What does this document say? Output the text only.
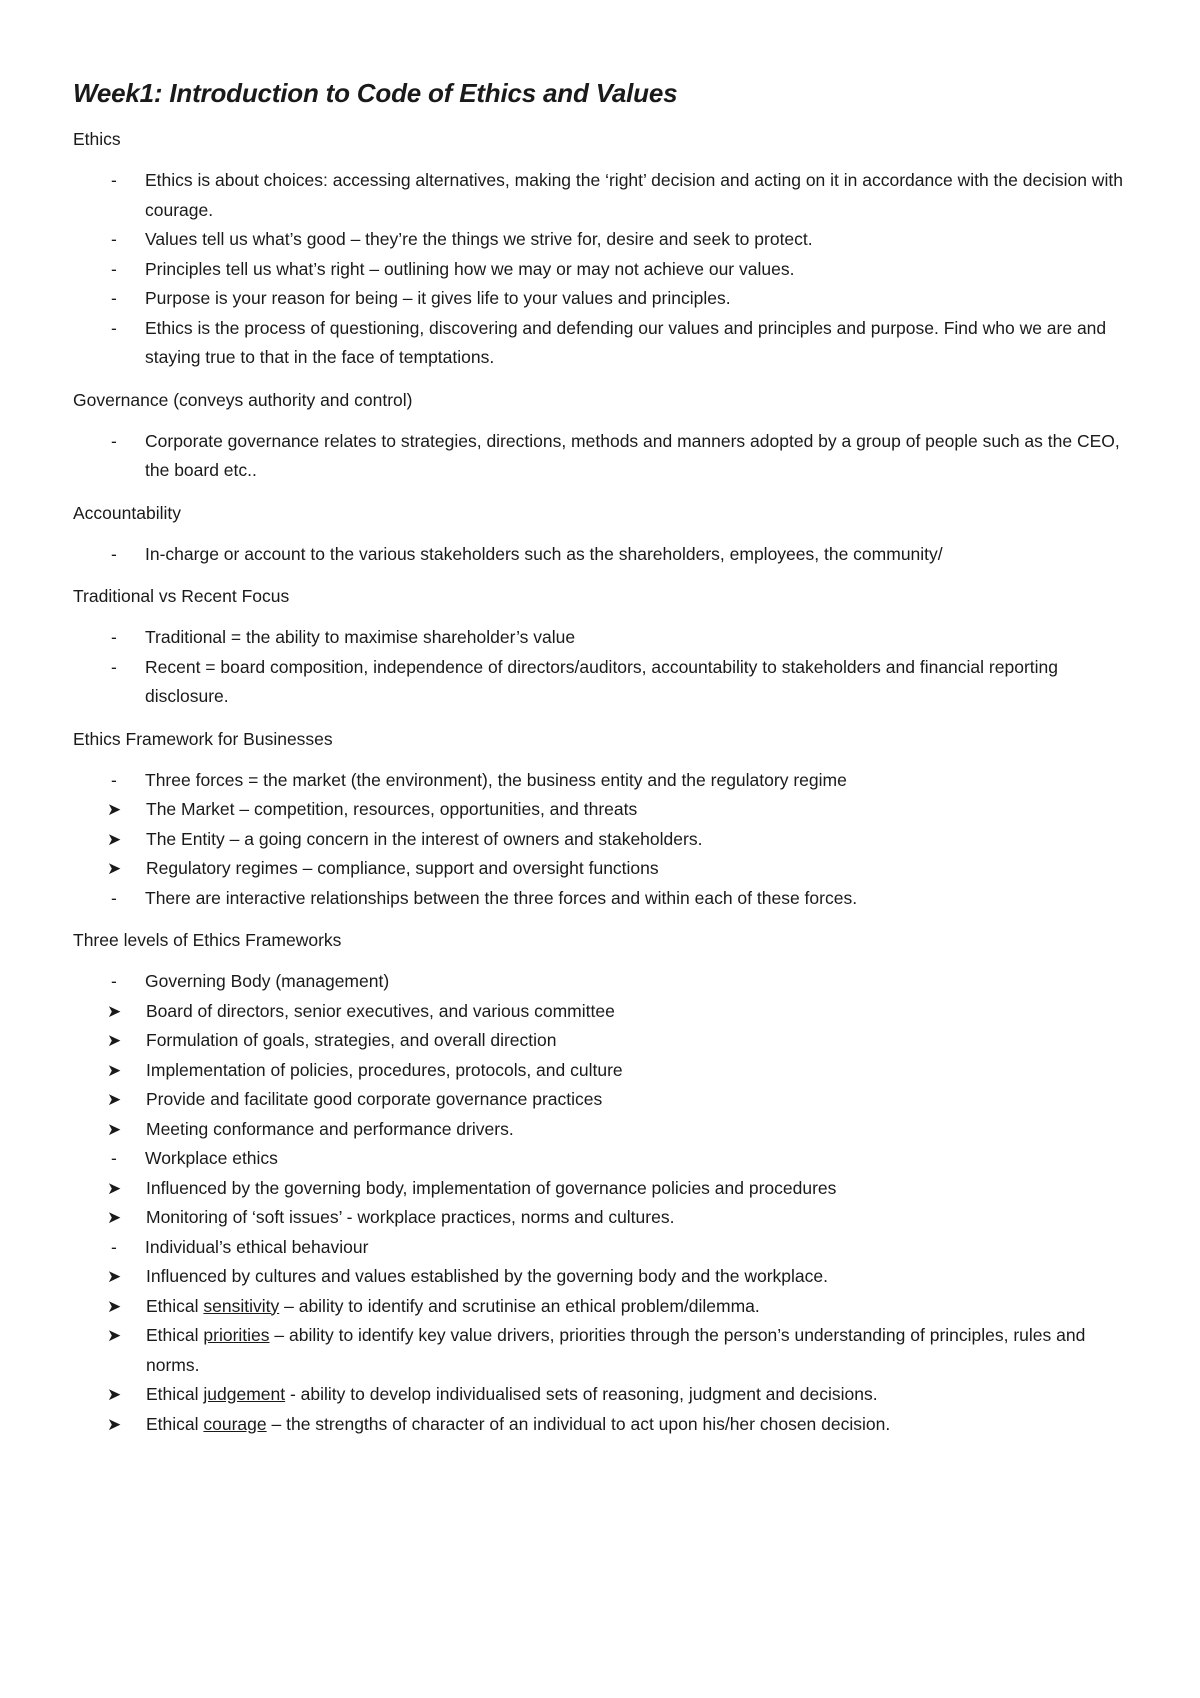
Week1: Introduction to Code of Ethics and Values

Ethics

- Ethics is about choices: accessing alternatives, making the ‘right’ decision and acting on it in accordance with the decision with courage.
- Values tell us what’s good – they’re the things we strive for, desire and seek to protect.
- Principles tell us what’s right – outlining how we may or may not achieve our values.
- Purpose is your reason for being – it gives life to your values and principles.
- Ethics is the process of questioning, discovering and defending our values and principles and purpose. Find who we are and staying true to that in the face of temptations.

Governance (conveys authority and control)

- Corporate governance relates to strategies, directions, methods and manners adopted by a group of people such as the CEO, the board etc..

Accountability

- In-charge or account to the various stakeholders such as the shareholders, employees, the community/

Traditional vs Recent Focus

- Traditional = the ability to maximise shareholder’s value
- Recent = board composition, independence of directors/auditors, accountability to stakeholders and financial reporting disclosure.

Ethics Framework for Businesses

- Three forces = the market (the environment), the business entity and the regulatory regime
➤ The Market – competition, resources, opportunities, and threats
➤ The Entity – a going concern in the interest of owners and stakeholders.
➤ Regulatory regimes – compliance, support and oversight functions
- There are interactive relationships between the three forces and within each of these forces.

Three levels of Ethics Frameworks

- Governing Body (management)
➤ Board of directors, senior executives, and various committee
➤ Formulation of goals, strategies, and overall direction
➤ Implementation of policies, procedures, protocols, and culture
➤ Provide and facilitate good corporate governance practices
➤ Meeting conformance and performance drivers.
- Workplace ethics
➤ Influenced by the governing body, implementation of governance policies and procedures
➤ Monitoring of ‘soft issues’ - workplace practices, norms and cultures.
- Individual’s ethical behaviour
➤ Influenced by cultures and values established by the governing body and the workplace.
➤ Ethical sensitivity – ability to identify and scrutinise an ethical problem/dilemma.
➤ Ethical priorities – ability to identify key value drivers, priorities through the person’s understanding of principles, rules and norms.
➤ Ethical judgement - ability to develop individualised sets of reasoning, judgment and decisions.
➤ Ethical courage – the strengths of character of an individual to act upon his/her chosen decision.
